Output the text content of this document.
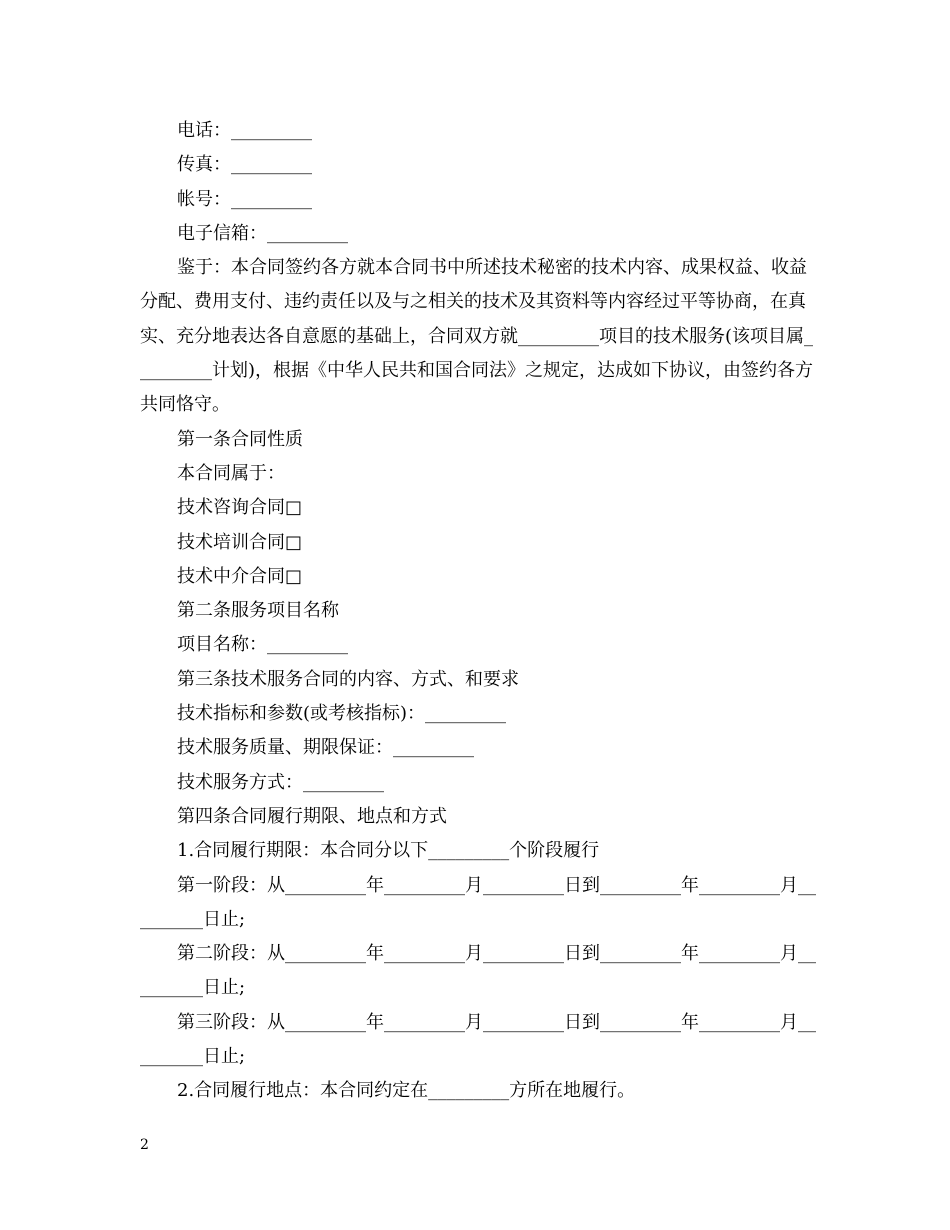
电话：_________

传真：_________

帐号：_________

电子信箱：_________

鉴于：本合同签约各方就本合同书中所述技术秘密的技术内容、成果权益、收益分配、费用支付、违约责任以及与之相关的技术及其资料等内容经过平等协商，在真实、充分地表达各自意愿的基础上，合同双方就_________项目的技术服务(该项目属_________计划)，根据《中华人民共和国合同法》之规定，达成如下协议，由签约各方共同恪守。

第一条合同性质

本合同属于：

技术咨询合同□

技术培训合同□

技术中介合同□

第二条服务项目名称

项目名称：_________

第三条技术服务合同的内容、方式、和要求

技术指标和参数(或考核指标)：_________

技术服务质量、期限保证：_________

技术服务方式：_________

第四条合同履行期限、地点和方式

1.合同履行期限：本合同分以下_________个阶段履行

第一阶段：从_________年_________月_________日到_________年_________月_________日止;

第二阶段：从_________年_________月_________日到_________年_________月_________日止;

第三阶段：从_________年_________月_________日到_________年_________月_________日止;

2.合同履行地点：本合同约定在_________方所在地履行。

2
